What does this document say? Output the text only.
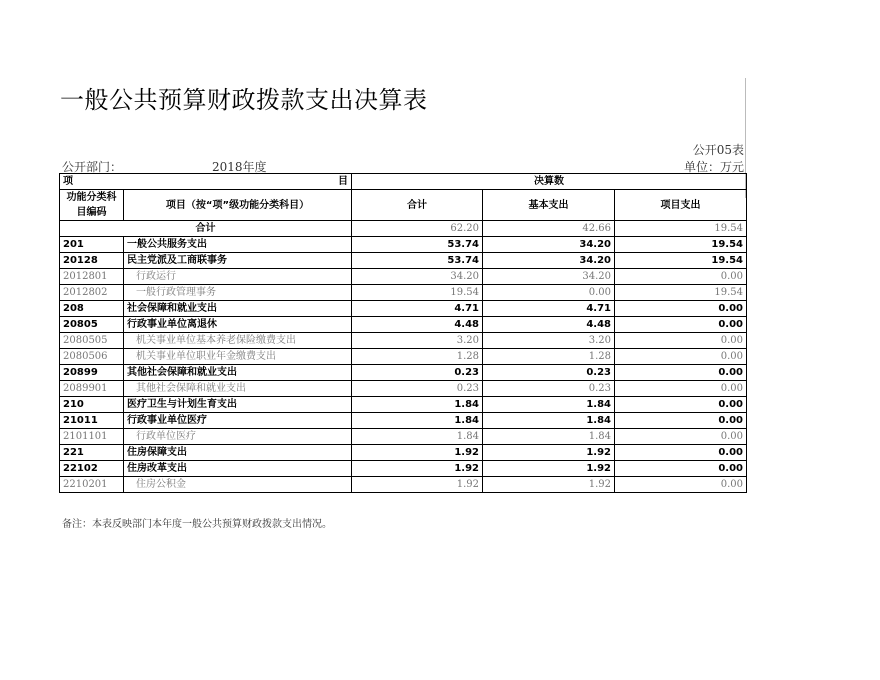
一般公共预算财政拨款支出决算表
公开05表
公开部门：	2018年度	单位：万元
项 目		决算数		
功能分类科目编码	项目（按“项”级功能分类科目）	合计	基本支出	项目支出
合计		62.20	42.66	19.54
201	一般公共服务支出	53.74	34.20	19.54
20128	民主党派及工商联事务	53.74	34.20	19.54
2012801	行政运行	34.20	34.20	0.00
2012802	一般行政管理事务	19.54	0.00	19.54
208	社会保障和就业支出	4.71	4.71	0.00
20805	行政事业单位离退休	4.48	4.48	0.00
2080505	机关事业单位基本养老保险缴费支出	3.20	3.20	0.00
2080506	机关事业单位职业年金缴费支出	1.28	1.28	0.00
20899	其他社会保障和就业支出	0.23	0.23	0.00
2089901	其他社会保障和就业支出	0.23	0.23	0.00
210	医疗卫生与计划生育支出	1.84	1.84	0.00
21011	行政事业单位医疗	1.84	1.84	0.00
2101101	行政单位医疗	1.84	1.84	0.00
221	住房保障支出	1.92	1.92	0.00
22102	住房改革支出	1.92	1.92	0.00
2210201	住房公积金	1.92	1.92	0.00
备注：本表反映部门本年度一般公共预算财政拨款支出情况。
